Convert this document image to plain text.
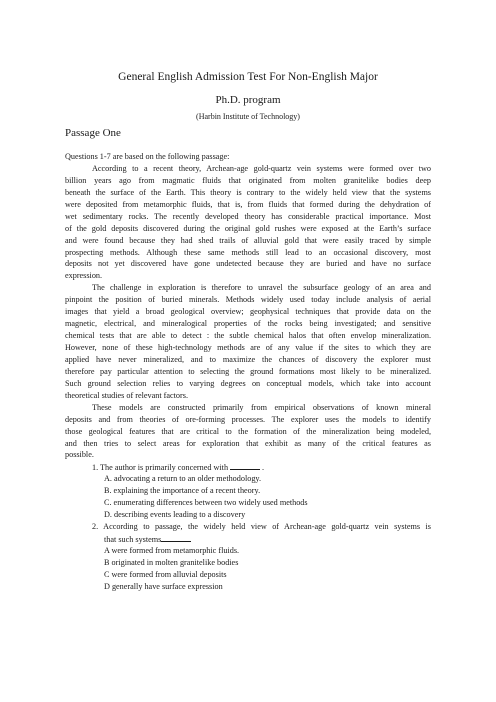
General English Admission Test For Non-English Major
Ph.D. program
(Harbin Institute of Technology)
Passage One
Questions 1-7 are based on the following passage:
According to a recent theory, Archean-age gold-quartz vein systems were formed over two
billion years ago from magmatic fluids that originated from molten granitelike bodies deep
beneath the surface of the Earth. This theory is contrary to the widely held view that the systems
were deposited from metamorphic fluids, that is, from fluids that formed during the dehydration of
wet sedimentary rocks. The recently developed theory has considerable practical importance. Most
of the gold deposits discovered during the original gold rushes were exposed at the Earth’s surface
and were found because they had shed trails of alluvial gold that were easily traced by simple
prospecting methods. Although these same methods still lead to an occasional discovery, most
deposits not yet discovered have gone undetected because they are buried and have no surface
expression.
The challenge in exploration is therefore to unravel the subsurface geology of an area and
pinpoint the position of buried minerals. Methods widely used today include analysis of aerial
images that yield a broad geological overview; geophysical techniques that provide data on the
magnetic, electrical, and mineralogical properties of the rocks being investigated; and sensitive
chemical tests that are able to detect : the subtle chemical halos that often envelop mineralization.
However, none of these high-technology methods are of any value if the sites to which they are
applied have never mineralized, and to maximize the chances of discovery the explorer must
therefore pay particular attention to selecting the ground formations most likely to be mineralized.
Such ground selection relies to varying degrees on conceptual models, which take into account
theoretical studies of relevant factors.
These models are constructed primarily from empirical observations of known mineral
deposits and from theories of ore-forming processes. The explorer uses the models to identify
those geological features that are critical to the formation of the mineralization being modeled,
and then tries to select areas for exploration that exhibit as many of the critical features as
possible.
1. The author is primarily concerned with	.
A. advocating a return to an older methodology.
B. explaining the importance of a recent theory.
C. enumerating differences between two widely used methods
D. describing events leading to a discovery
2. According to passage, the widely held view of Archean-age gold-quartz vein systems is
that such systems
A were formed from metamorphic fluids.
B originated in molten granitelike bodies
C were formed from alluvial deposits
D generally have surface expression
